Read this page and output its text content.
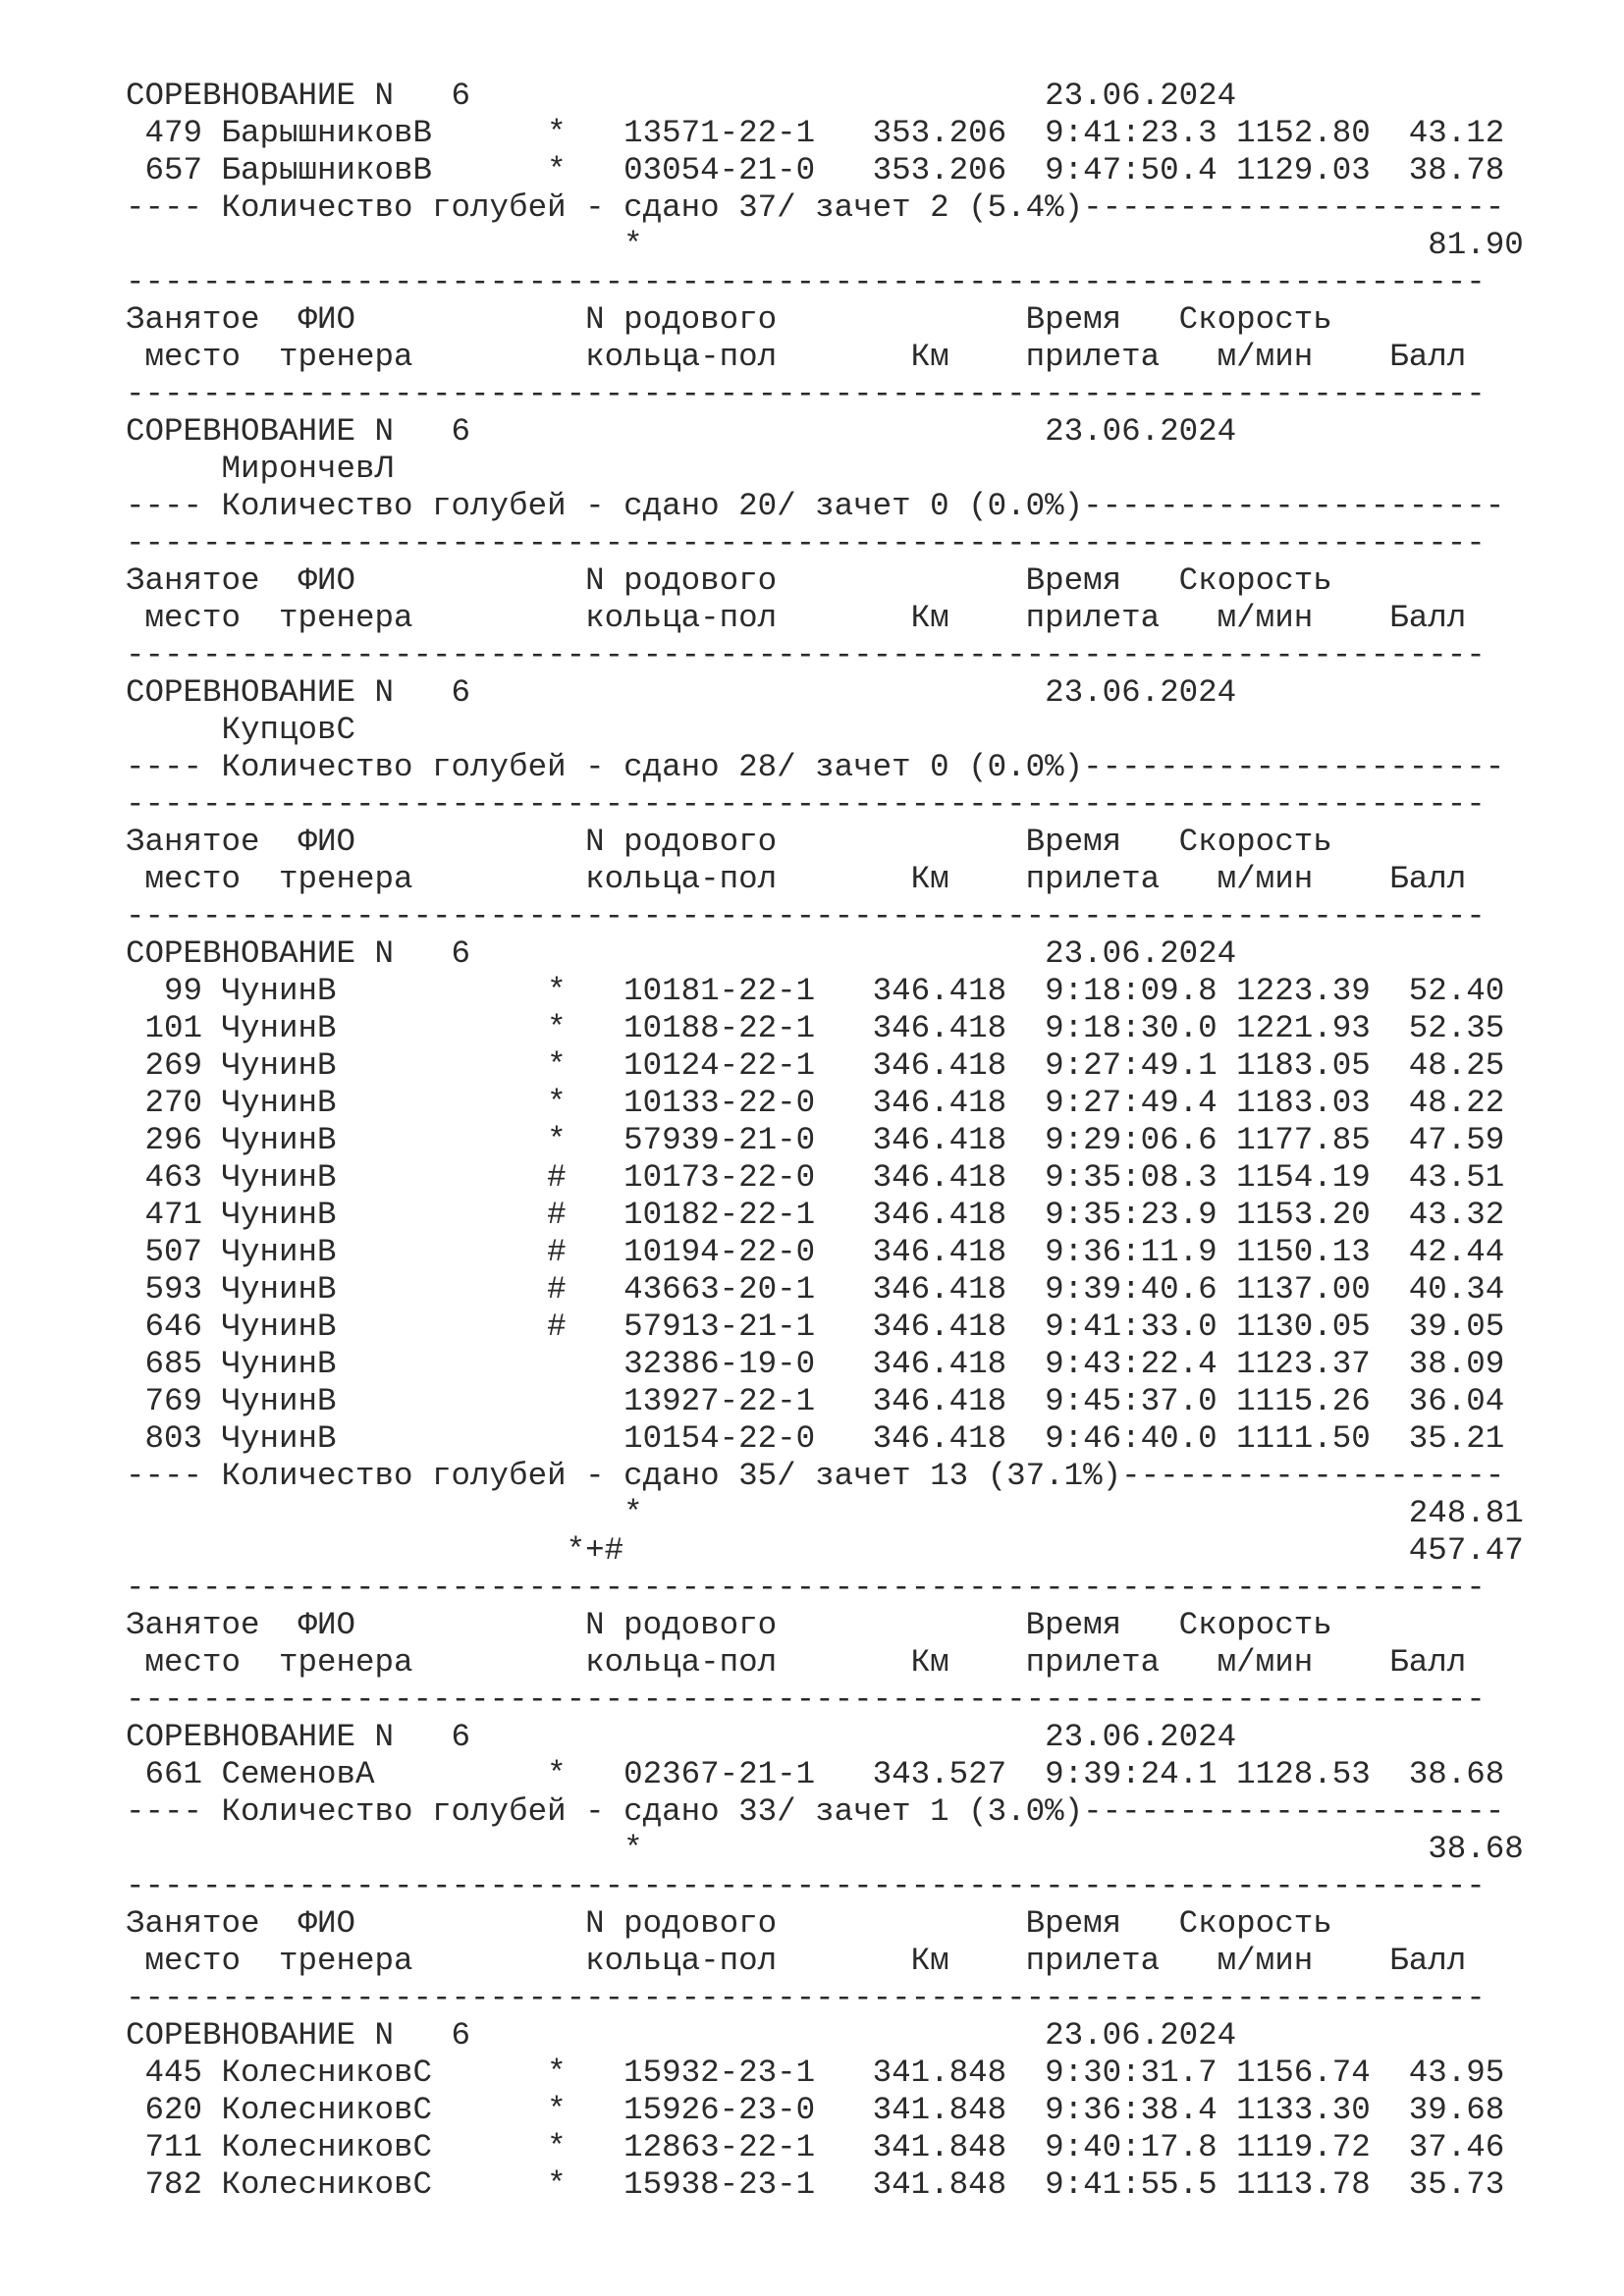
СОРЕВНОВАНИЕ N   6                              23.06.2024
479 БарышниковВ      *   13571-22-1   353.206  9:41:23.3 1152.80  43.12
657 БарышниковВ      *   03054-21-0   353.206  9:47:50.4 1129.03  38.78
---- Количество голубей - сдано 37/ зачет 2 (5.4%)----------------------
*                                         81.90
-----------------------------------------------------------------------
Занятое  ФИО            N родового             Время   Скорость
место  тренера         кольца-пол       Км    прилета   м/мин    Балл
-----------------------------------------------------------------------
СОРЕВНОВАНИЕ N   6                              23.06.2024
МирончевЛ
---- Количество голубей - сдано 20/ зачет 0 (0.0%)----------------------
-----------------------------------------------------------------------
Занятое  ФИО            N родового             Время   Скорость
место  тренера         кольца-пол       Км    прилета   м/мин    Балл
-----------------------------------------------------------------------
СОРЕВНОВАНИЕ N   6                              23.06.2024
КупцовС
---- Количество голубей - сдано 28/ зачет 0 (0.0%)----------------------
-----------------------------------------------------------------------
Занятое  ФИО            N родового             Время   Скорость
место  тренера         кольца-пол       Км    прилета   м/мин    Балл
-----------------------------------------------------------------------
СОРЕВНОВАНИЕ N   6                              23.06.2024
99 ЧунинВ           *   10181-22-1   346.418  9:18:09.8 1223.39  52.40
101 ЧунинВ           *   10188-22-1   346.418  9:18:30.0 1221.93  52.35
269 ЧунинВ           *   10124-22-1   346.418  9:27:49.1 1183.05  48.25
270 ЧунинВ           *   10133-22-0   346.418  9:27:49.4 1183.03  48.22
296 ЧунинВ           *   57939-21-0   346.418  9:29:06.6 1177.85  47.59
463 ЧунинВ           #   10173-22-0   346.418  9:35:08.3 1154.19  43.51
471 ЧунинВ           #   10182-22-1   346.418  9:35:23.9 1153.20  43.32
507 ЧунинВ           #   10194-22-0   346.418  9:36:11.9 1150.13  42.44
593 ЧунинВ           #   43663-20-1   346.418  9:39:40.6 1137.00  40.34
646 ЧунинВ           #   57913-21-1   346.418  9:41:33.0 1130.05  39.05
685 ЧунинВ               32386-19-0   346.418  9:43:22.4 1123.37  38.09
769 ЧунинВ               13927-22-1   346.418  9:45:37.0 1115.26  36.04
803 ЧунинВ               10154-22-0   346.418  9:46:40.0 1111.50  35.21
---- Количество голубей - сдано 35/ зачет 13 (37.1%)--------------------
*                                        248.81
*+#                                         457.47
-----------------------------------------------------------------------
Занятое  ФИО            N родового             Время   Скорость
место  тренера         кольца-пол       Км    прилета   м/мин    Балл
-----------------------------------------------------------------------
СОРЕВНОВАНИЕ N   6                              23.06.2024
661 СеменовА         *   02367-21-1   343.527  9:39:24.1 1128.53  38.68
---- Количество голубей - сдано 33/ зачет 1 (3.0%)----------------------
*                                         38.68
-----------------------------------------------------------------------
Занятое  ФИО            N родового             Время   Скорость
место  тренера         кольца-пол       Км    прилета   м/мин    Балл
-----------------------------------------------------------------------
СОРЕВНОВАНИЕ N   6                              23.06.2024
445 КолесниковС      *   15932-23-1   341.848  9:30:31.7 1156.74  43.95
620 КолесниковС      *   15926-23-0   341.848  9:36:38.4 1133.30  39.68
711 КолесниковС      *   12863-22-1   341.848  9:40:17.8 1119.72  37.46
782 КолесниковС      *   15938-23-1   341.848  9:41:55.5 1113.78  35.73
